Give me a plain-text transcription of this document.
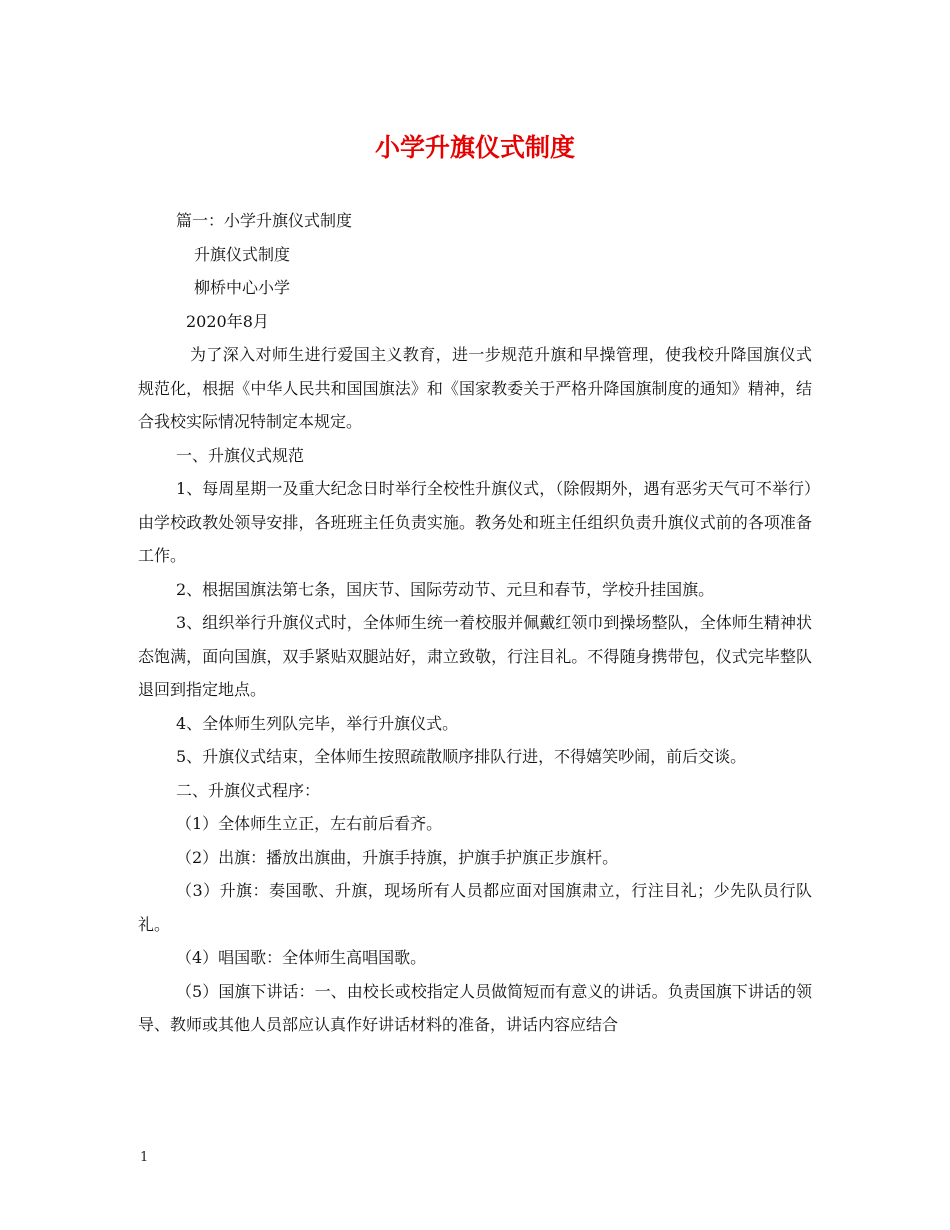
小学升旗仪式制度

篇一：小学升旗仪式制度

升旗仪式制度

柳桥中心小学

2020年8月

为了深入对师生进行爱国主义教育，进一步规范升旗和早操管理，使我校升降国旗仪式规范化，根据《中华人民共和国国旗法》和《国家教委关于严格升降国旗制度的通知》精神，结合我校实际情况特制定本规定。

一、升旗仪式规范

1、每周星期一及重大纪念日时举行全校性升旗仪式，（除假期外，遇有恶劣天气可不举行）由学校政教处领导安排，各班班主任负责实施。教务处和班主任组织负责升旗仪式前的各项准备工作。

2、根据国旗法第七条，国庆节、国际劳动节、元旦和春节，学校升挂国旗。

3、组织举行升旗仪式时，全体师生统一着校服并佩戴红领巾到操场整队，全体师生精神状态饱满，面向国旗，双手紧贴双腿站好，肃立致敬，行注目礼。不得随身携带包，仪式完毕整队退回到指定地点。

4、全体师生列队完毕，举行升旗仪式。

5、升旗仪式结束，全体师生按照疏散顺序排队行进，不得嬉笑吵闹，前后交谈。

二、升旗仪式程序：

（1）全体师生立正，左右前后看齐。

（2）出旗：播放出旗曲，升旗手持旗，护旗手护旗正步旗杆。

（3）升旗：奏国歌、升旗，现场所有人员都应面对国旗肃立，行注目礼；少先队员行队礼。

（4）唱国歌：全体师生高唱国歌。

（5）国旗下讲话：一、由校长或校指定人员做简短而有意义的讲话。负责国旗下讲话的领导、教师或其他人员部应认真作好讲话材料的准备，讲话内容应结合

1
